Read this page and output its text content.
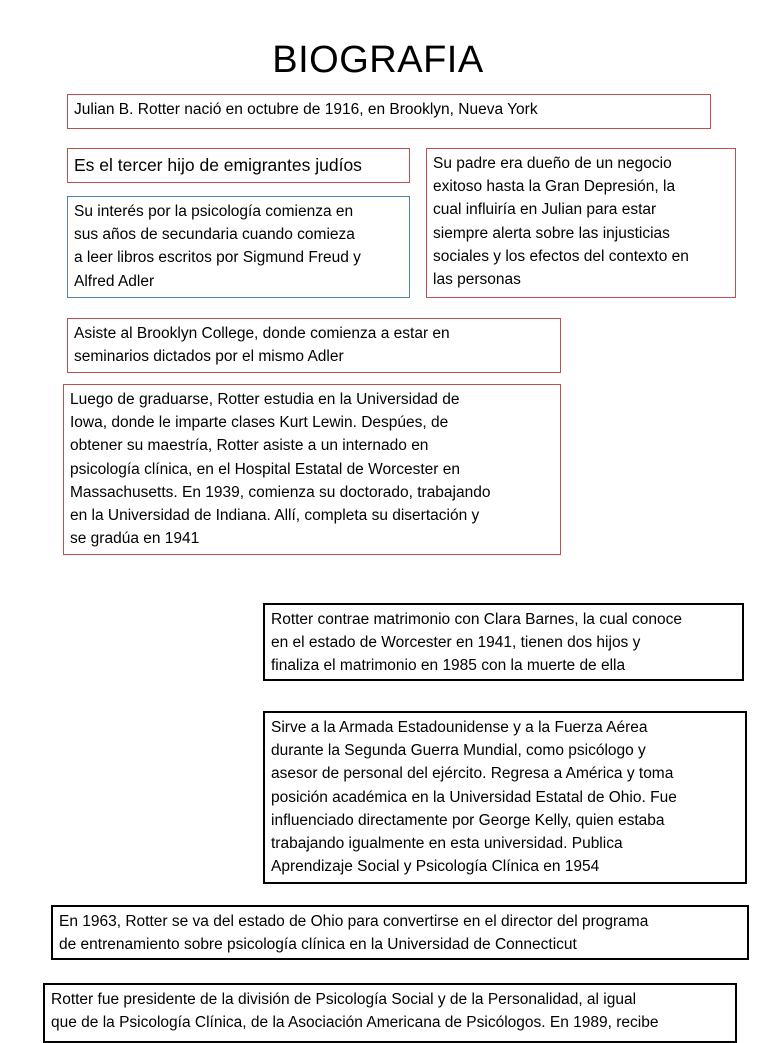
BIOGRAFIA
Julian B. Rotter nació en octubre de 1916, en Brooklyn, Nueva York
Es el tercer hijo de emigrantes judíos	Su padre era dueño de un negocio
exitoso hasta la Gran Depresión, la
cual influiría en Julian para estar
siempre alerta sobre las injusticias
sociales y los efectos del contexto en
las personas
Su interés por la psicología comienza en
sus años de secundaria cuando comieza
a leer libros escritos por Sigmund Freud y
Alfred Adler
Asiste al Brooklyn College, donde comienza a estar en
seminarios dictados por el mismo Adler
Luego de graduarse, Rotter estudia en la Universidad de
Iowa, donde le imparte clases Kurt Lewin. Despúes, de
obtener su maestría, Rotter asiste a un internado en
psicología clínica, en el Hospital Estatal de Worcester en
Massachusetts. En 1939, comienza su doctorado, trabajando
en la Universidad de Indiana. Allí, completa su disertación y
se gradúa en 1941
Rotter contrae matrimonio con Clara Barnes, la cual conoce
en el estado de Worcester en 1941, tienen dos hijos y
finaliza el matrimonio en 1985 con la muerte de ella
Sirve a la Armada Estadounidense y a la Fuerza Aérea
durante la Segunda Guerra Mundial, como psicólogo y
asesor de personal del ejército. Regresa a América y toma
posición académica en la Universidad Estatal de Ohio. Fue
influenciado directamente por George Kelly, quien estaba
trabajando igualmente en esta universidad. Publica
Aprendizaje Social y Psicología Clínica en 1954
En 1963, Rotter se va del estado de Ohio para convertirse en el director del programa
de entrenamiento sobre psicología clínica en la Universidad de Connecticut
Rotter fue presidente de la división de Psicología Social y de la Personalidad, al igual
que de la Psicología Clínica, de la Asociación Americana de Psicólogos. En 1989, recibe
